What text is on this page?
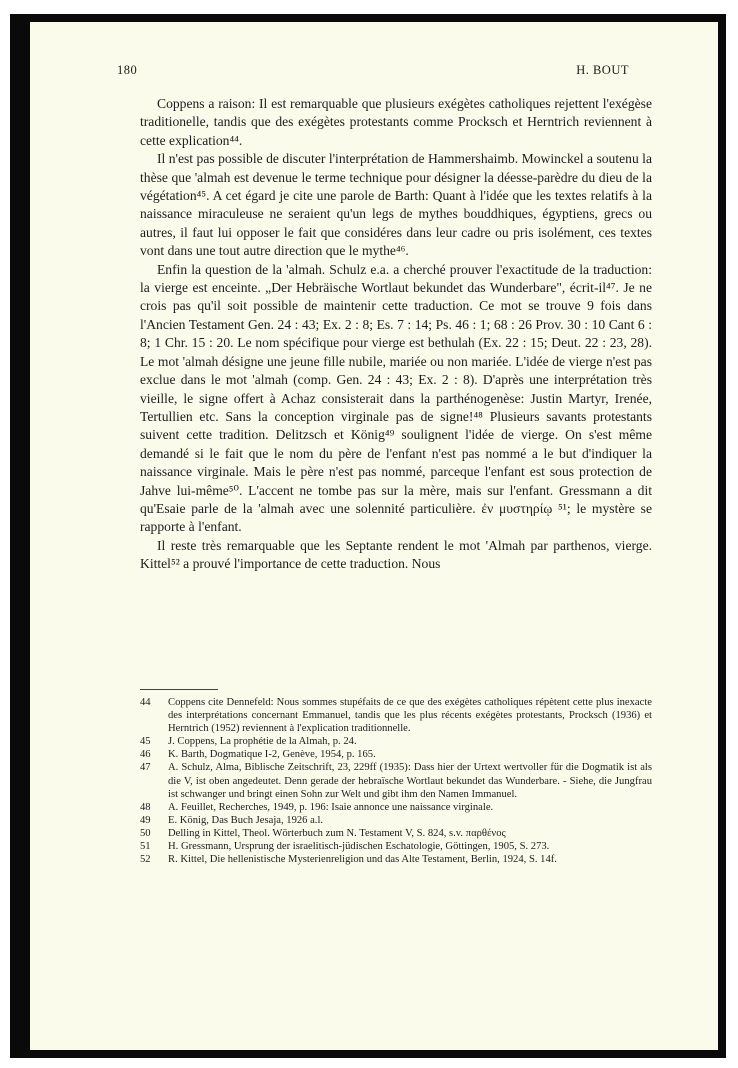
180	H. BOUT

Coppens a raison: Il est remarquable que plusieurs exégètes catholiques rejettent l'exégèse traditionelle, tandis que des exégètes protestants comme Procksch et Herntrich reviennent à cette explication⁴⁴.

Il n'est pas possible de discuter l'interprétation de Hammershaimb. Mowinckel a soutenu la thèse que 'almah est devenue le terme technique pour désigner la déesse-parèdre du dieu de la végétation⁴⁵. A cet égard je cite une parole de Barth: Quant à l'idée que les textes relatifs à la naissance miraculeuse ne seraient qu'un legs de mythes bouddhiques, égyptiens, grecs ou autres, il faut lui opposer le fait que considéres dans leur cadre ou pris isolément, ces textes vont dans une tout autre direction que le mythe⁴⁶.

Enfin la question de la 'almah. Schulz e.a. a cherché prouver l'exactitude de la traduction: la vierge est enceinte. „Der Hebräische Wortlaut bekundet das Wunderbare", écrit-il⁴⁷. Je ne crois pas qu'il soit possible de maintenir cette traduction. Ce mot se trouve 9 fois dans l'Ancien Testament Gen. 24 : 43; Ex. 2 : 8; Es. 7 : 14; Ps. 46 : 1; 68 : 26 Prov. 30 : 10 Cant 6 : 8; 1 Chr. 15 : 20. Le nom spécifique pour vierge est bethulah (Ex. 22 : 15; Deut. 22 : 23, 28). Le mot 'almah désigne une jeune fille nubile, mariée ou non mariée. L'idée de vierge n'est pas exclue dans le mot 'almah (comp. Gen. 24 : 43; Ex. 2 : 8). D'après une interprétation très vieille, le signe offert à Achaz consisterait dans la parthénogenèse: Justin Martyr, Irenée, Tertullien etc. Sans la conception virginale pas de signe!⁴⁸ Plusieurs savants protestants suivent cette tradition. Delitzsch et König⁴⁹ soulignent l'idée de vierge. On s'est même demandé si le fait que le nom du père de l'enfant n'est pas nommé a le but d'indiquer la naissance virginale. Mais le père n'est pas nommé, parceque l'enfant est sous protection de Jahve lui-même⁵⁰. L'accent ne tombe pas sur la mère, mais sur l'enfant. Gressmann a dit qu'Esaie parle de la 'almah avec une solennité particulière. ἐν μυστηρίῳ ⁵¹; le mystère se rapporte à l'enfant.

Il reste très remarquable que les Septante rendent le mot 'Almah par parthenos, vierge. Kittel⁵² a prouvé l'importance de cette traduction. Nous

44 Coppens cite Dennefeld: Nous sommes stupéfaits de ce que des exégètes catholiques répètent cette plus inexacte des interprétations concernant Emmanuel, tandis que les plus récents exégètes protestants, Procksch (1936) et Herntrich (1952) reviennent à l'explication traditionnelle.
45 J. Coppens, La prophétie de la Almah, p. 24.
46 K. Barth, Dogmatique I-2, Genève, 1954, p. 165.
47 A. Schulz, Alma, Biblische Zeitschrift, 23, 229ff (1935): Dass hier der Urtext wertvoller für die Dogmatik ist als die V, ist oben angedeutet. Denn gerade der hebraïsche Wortlaut bekundet das Wunderbare. - Siehe, die Jungfrau ist schwanger und bringt einen Sohn zur Welt und gibt ihm den Namen Immanuel.
48 A. Feuillet, Recherches, 1949, p. 196: Isaie annonce une naissance virginale.
49 E. König, Das Buch Jesaja, 1926 a.l.
50 Delling in Kittel, Theol. Wörterbuch zum N. Testament V, S. 824, s.v. παρθένος
51 H. Gressmann, Ursprung der israelitisch-jüdischen Eschatologie, Göttingen, 1905, S. 273.
52 R. Kittel, Die hellenistische Mysterienreligion und das Alte Testament, Berlin, 1924, S. 14f.
